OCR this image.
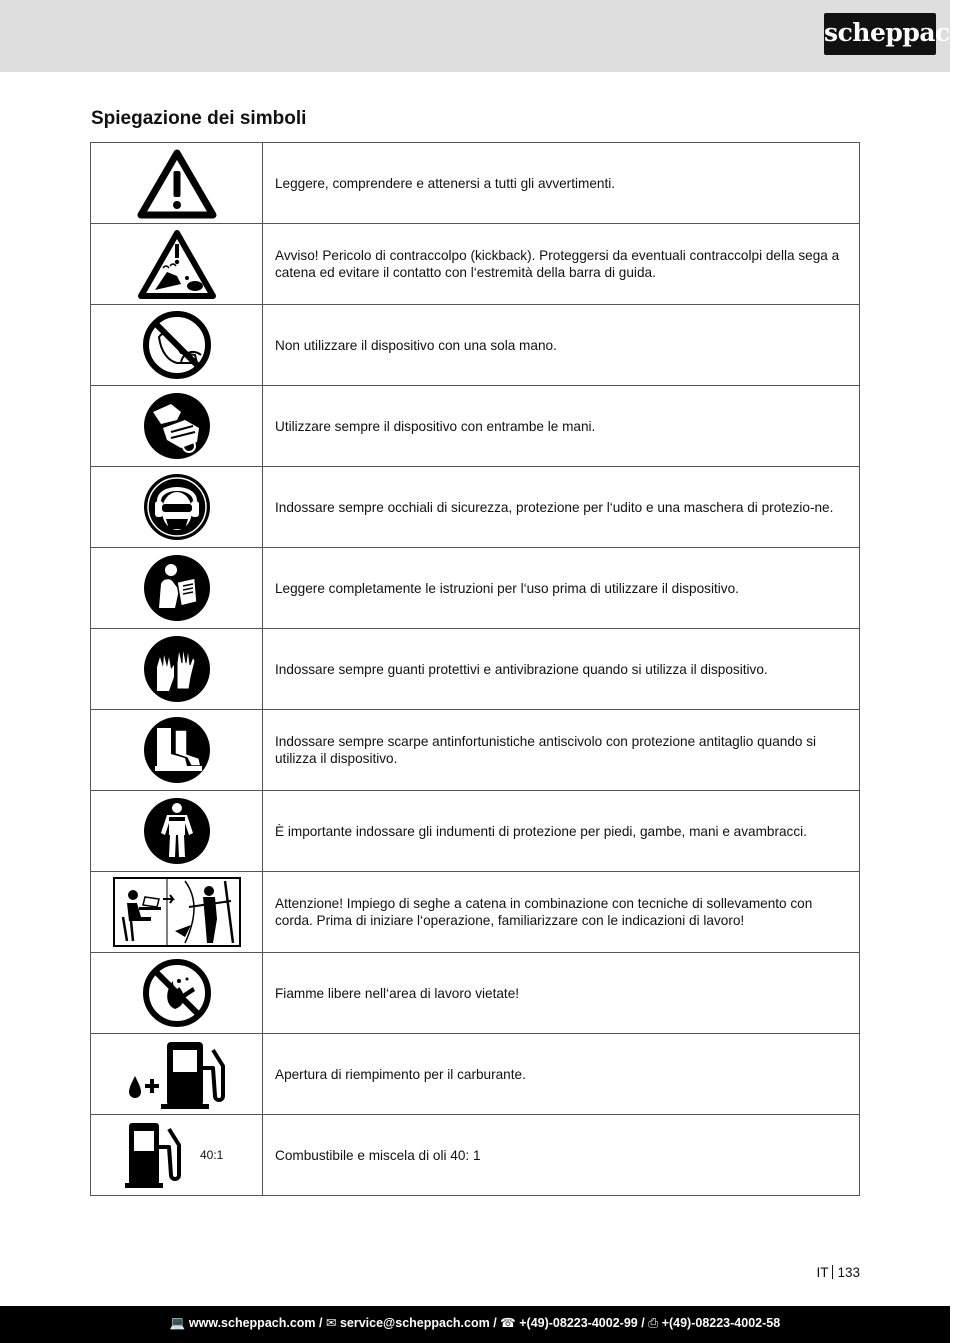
scheppach
Spiegazione dei simboli
	Leggere, comprendere e attenersi a tutti gli avvertimenti.

	Avviso! Pericolo di contraccolpo (kickback). Proteggersi da eventuali contraccolpi della sega a catena ed evitare il contatto con l‘estremità della barra di guida.

	Non utilizzare il dispositivo con una sola mano.

	Utilizzare sempre il dispositivo con entrambe le mani.

	Indossare sempre occhiali di sicurezza, protezione per l‘udito e una maschera di protezio-ne.

	Leggere completamente le istruzioni per l‘uso prima di utilizzare il dispositivo.

	Indossare sempre guanti protettivi e antivibrazione quando si utilizza il dispositivo.

	Indossare sempre scarpe antinfortunistiche antiscivolo con protezione antitaglio quando si utilizza il dispositivo.

	È importante indossare gli indumenti di protezione per piedi, gambe, mani e avambracci.

	Attenzione! Impiego di seghe a catena in combinazione con tecniche di sollevamento con corda. Prima di iniziare l‘operazione, familiarizzare con le indicazioni di lavoro!

	Fiamme libere nell‘area di lavoro vietate!

	Apertura di riempimento per il carburante.

40:1	Combustibile e miscela di oli 40: 1
IT 133
💻 www.scheppach.com / ✉ service@scheppach.com / ☎ +(49)-08223-4002-99 / ⎙ +(49)-08223-4002-58
